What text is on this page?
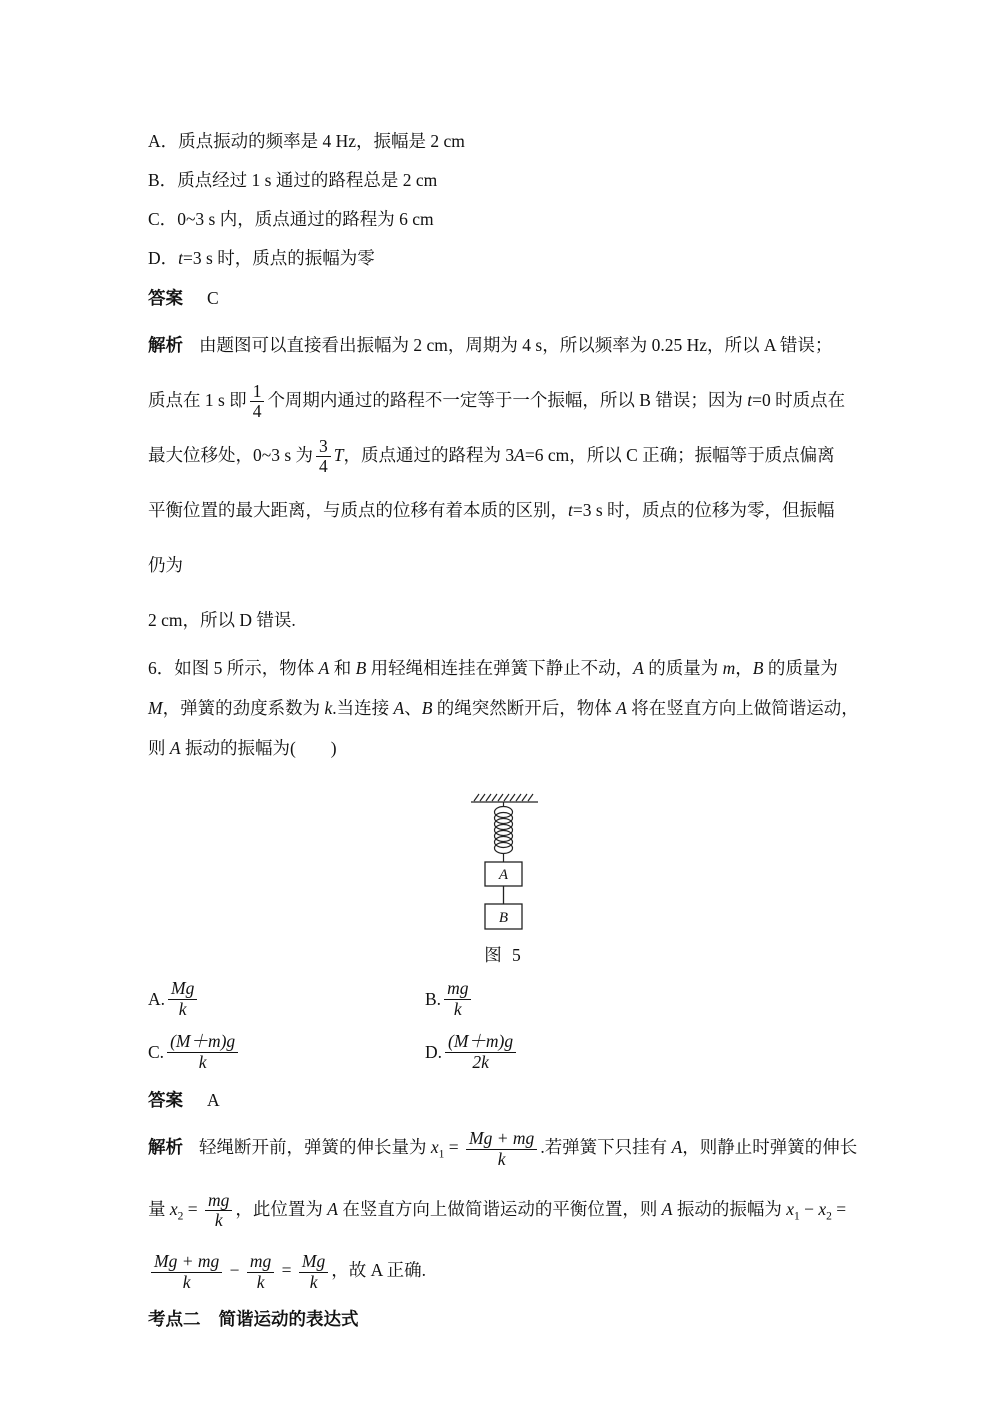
A．质点振动的频率是 4 Hz，振幅是 2 cm
B．质点经过 1 s 通过的路程总是 2 cm
C．0~3 s 内，质点通过的路程为 6 cm
D．t=3 s 时，质点的振幅为零
答案 C
解析 由题图可以直接看出振幅为 2 cm，周期为 4 s，所以频率为 0.25 Hz，所以 A 错误；
质点在 1 s 即 $\frac{1}{4}$ 个周期内通过的路程不一定等于一个振幅，所以 B 错误；因为 t=0 时质点在
最大位移处，0~3 s 为 $\frac{3}{4}$ T，质点通过的路程为 3A=6 cm，所以 C 正确；振幅等于质点偏离
平衡位置的最大距离，与质点的位移有着本质的区别，t=3 s 时，质点的位移为零，但振幅
仍为
2 cm，所以 D 错误.
6．如图 5 所示，物体 A 和 B 用轻绳相连挂在弹簧下静止不动，A 的质量为 m，B 的质量为
M，弹簧的劲度系数为 k.当连接 A、B 的绳突然断开后，物体 A 将在竖直方向上做简谐运动，
则 A 振动的振幅为(　　)
A
B
图 5
A. $\frac{Mg}{k}$	B. $\frac{mg}{k}$
C. $\frac{(M+m)g}{k}$	D. $\frac{(M+m)g}{2k}$
答案 A
解析 轻绳断开前，弹簧的伸长量为 $x_1 = \frac{Mg + mg}{k}$ .若弹簧下只挂有 A，则静止时弹簧的伸长
量 $x_2 = \frac{mg}{k}$ ，此位置为 A 在竖直方向上做简谐运动的平衡位置，则 A 振动的振幅为 $x_1 - x_2$ =
$\frac{Mg + mg}{k} - \frac{mg}{k} = \frac{Mg}{k}$ ，故 A 正确.
考点二 简谐运动的表达式
